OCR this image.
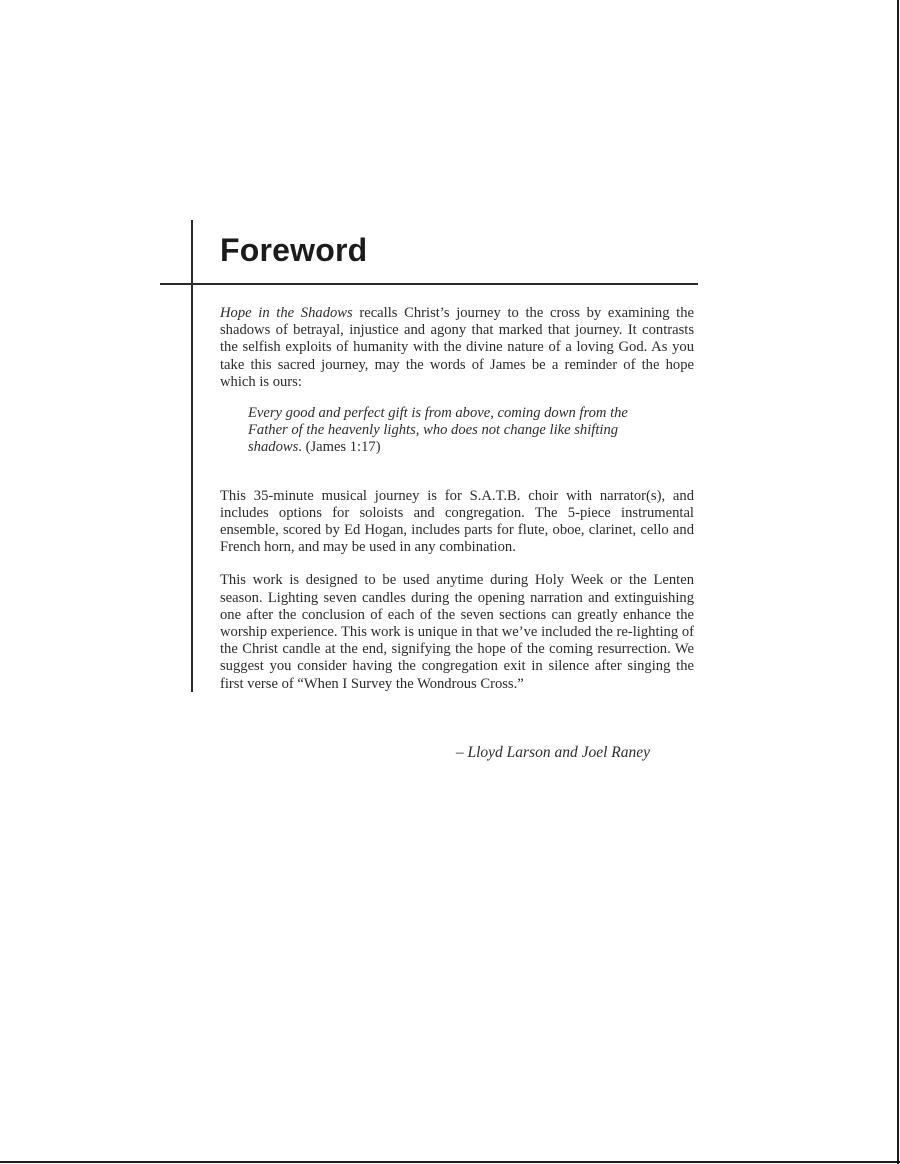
Foreword

Hope in the Shadows recalls Christ’s journey to the cross by examining the shadows of betrayal, injustice and agony that marked that journey. It contrasts the selfish exploits of humanity with the divine nature of a loving God. As you take this sacred journey, may the words of James be a reminder of the hope which is ours:

Every good and perfect gift is from above, coming down from the Father of the heavenly lights, who does not change like shifting shadows. (James 1:17)

This 35-minute musical journey is for S.A.T.B. choir with narrator(s), and includes options for soloists and congregation. The 5-piece instrumental ensemble, scored by Ed Hogan, includes parts for flute, oboe, clarinet, cello and French horn, and may be used in any combination.

This work is designed to be used anytime during Holy Week or the Lenten season. Lighting seven candles during the opening narration and extinguishing one after the conclusion of each of the seven sections can greatly enhance the worship experience. This work is unique in that we’ve included the re-lighting of the Christ candle at the end, signifying the hope of the coming resurrection. We suggest you consider having the congregation exit in silence after singing the first verse of “When I Survey the Wondrous Cross.”

– Lloyd Larson and Joel Raney
